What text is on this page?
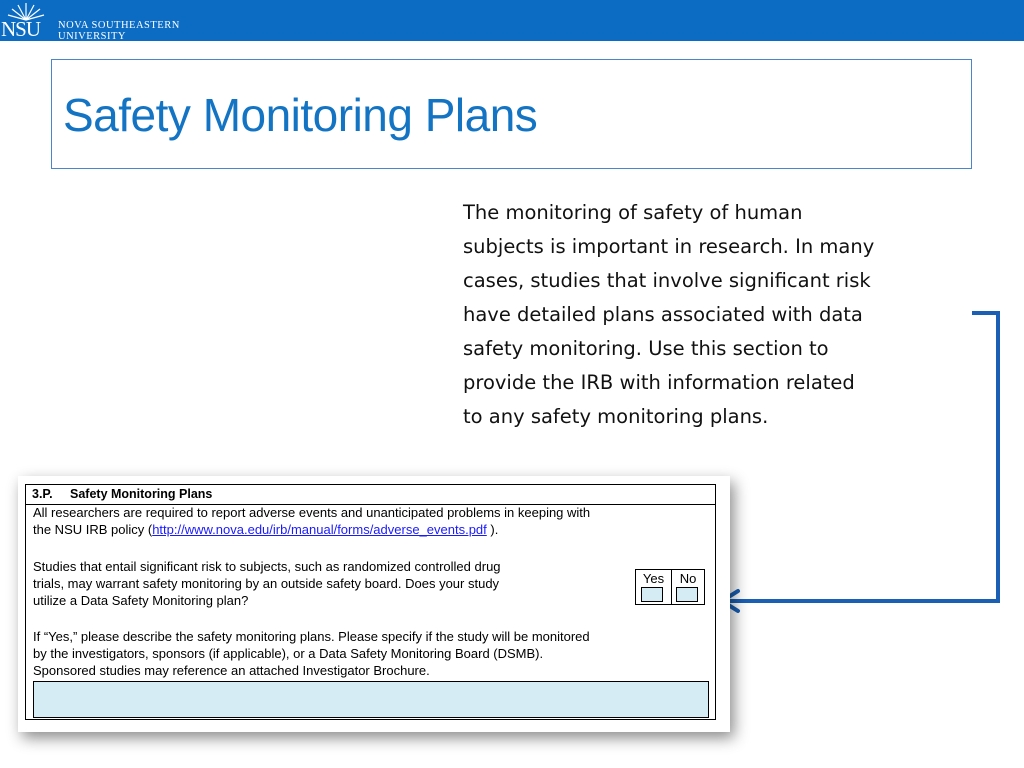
NSU NOVA SOUTHEASTERN
UNIVERSITY
Safety Monitoring Plans
The monitoring of safety of human
subjects is important in research. In many
cases, studies that involve significant risk
have detailed plans associated with data
safety monitoring. Use this section to
provide the IRB with information related
to any safety monitoring plans.
3.P. Safety Monitoring Plans
All researchers are required to report adverse events and unanticipated problems in keeping with
the NSU IRB policy (http://www.nova.edu/irb/manual/forms/adverse_events.pdf ).
Studies that entail significant risk to subjects, such as randomized controlled drug
trials, may warrant safety monitoring by an outside safety board. Does your study
utilize a Data Safety Monitoring plan?
Yes	No
If “Yes,” please describe the safety monitoring plans. Please specify if the study will be monitored
by the investigators, sponsors (if applicable), or a Data Safety Monitoring Board (DSMB).
Sponsored studies may reference an attached Investigator Brochure.
